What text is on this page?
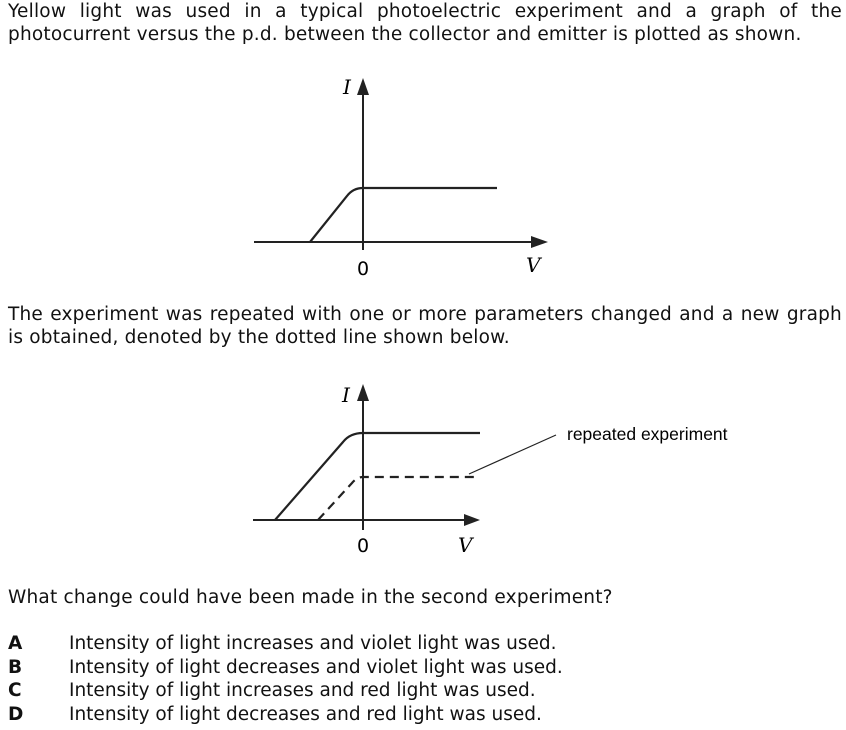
Yellow light was used in a typical photoelectric experiment and a graph of the photocurrent versus the p.d. between the collector and emitter is plotted as shown.
I
V
0
The experiment was repeated with one or more parameters changed and a new graph is obtained, denoted by the dotted line shown below.
repeated experiment
I
V
0
What change could have been made in the second experiment?
A	Intensity of light increases and violet light was used.
B	Intensity of light decreases and violet light was used.
C	Intensity of light increases and red light was used.
D	Intensity of light decreases and red light was used.
